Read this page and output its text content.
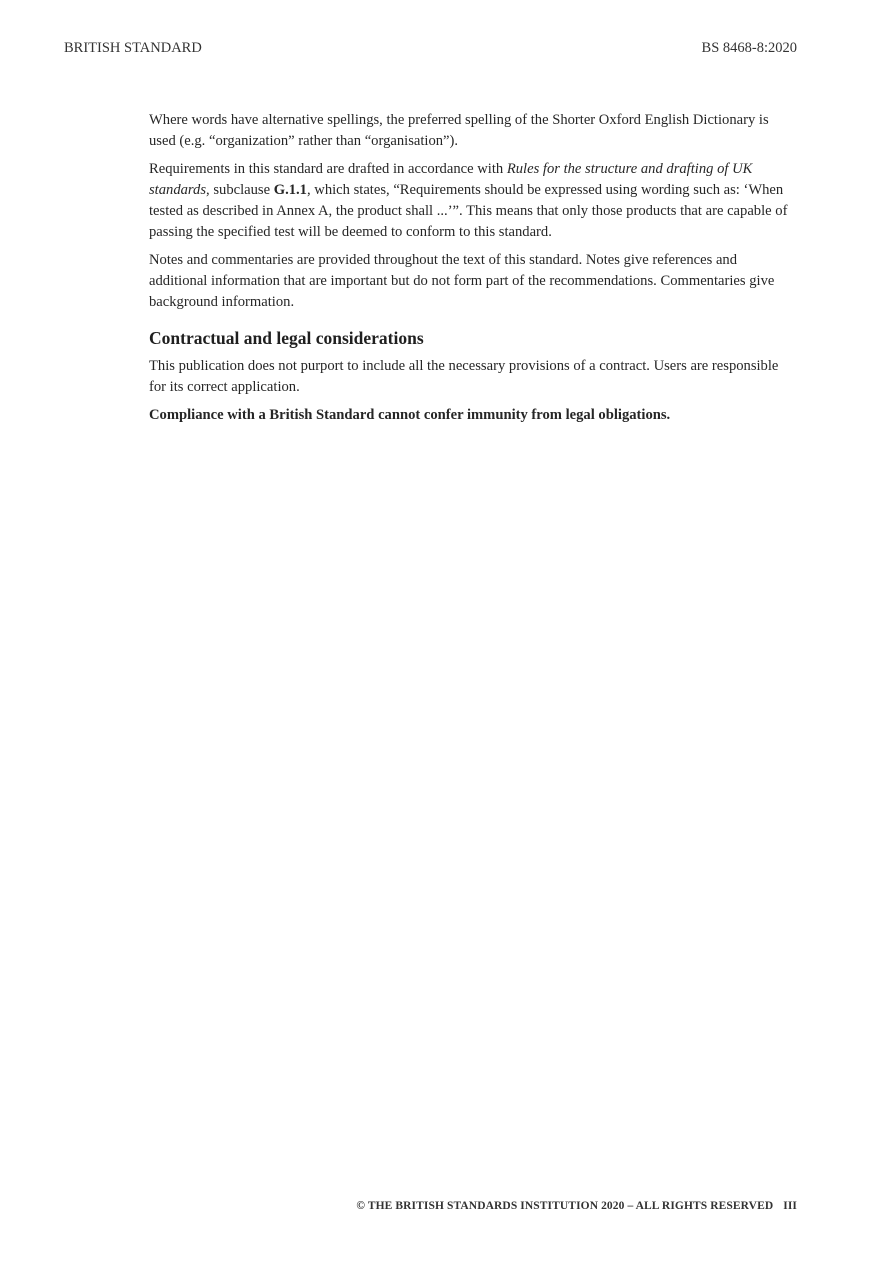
BRITISH STANDARD	BS 8468-8:2020

Where words have alternative spellings, the preferred spelling of the Shorter Oxford English Dictionary is used (e.g. “organization” rather than “organisation”).

Requirements in this standard are drafted in accordance with Rules for the structure and drafting of UK standards, subclause G.1.1, which states, “Requirements should be expressed using wording such as: ‘When tested as described in Annex A, the product shall ...’”. This means that only those products that are capable of passing the specified test will be deemed to conform to this standard.

Notes and commentaries are provided throughout the text of this standard. Notes give references and additional information that are important but do not form part of the recommendations. Commentaries give background information.

Contractual and legal considerations

This publication does not purport to include all the necessary provisions of a contract. Users are responsible for its correct application.

Compliance with a British Standard cannot confer immunity from legal obligations.

© THE BRITISH STANDARDS INSTITUTION 2020 – ALL RIGHTS RESERVED III
